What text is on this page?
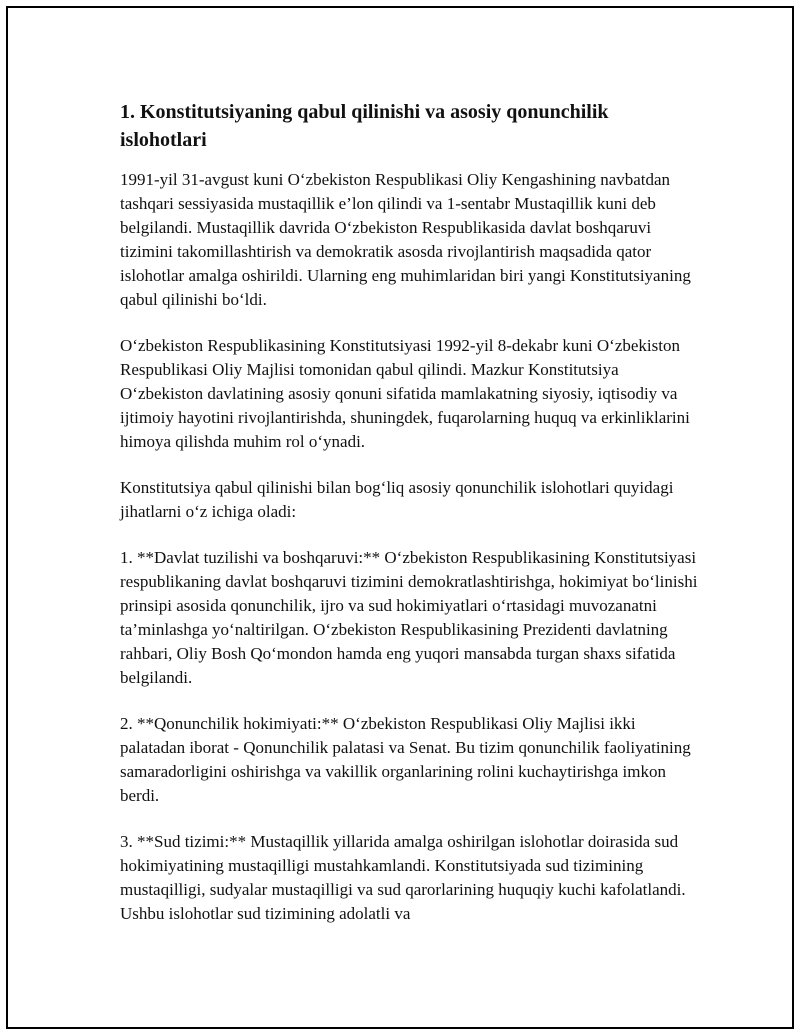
1. Konstitutsiyaning qabul qilinishi va asosiy qonunchilik islohotlari

1991-yil 31-avgust kuni O‘zbekiston Respublikasi Oliy Kengashining navbatdan tashqari sessiyasida mustaqillik e’lon qilindi va 1-sentabr Mustaqillik kuni deb belgilandi. Mustaqillik davrida O‘zbekiston Respublikasida davlat boshqaruvi tizimini takomillashtirish va demokratik asosda rivojlantirish maqsadida qator islohotlar amalga oshirildi. Ularning eng muhimlaridan biri yangi Konstitutsiyaning qabul qilinishi bo‘ldi.

O‘zbekiston Respublikasining Konstitutsiyasi 1992-yil 8-dekabr kuni O‘zbekiston Respublikasi Oliy Majlisi tomonidan qabul qilindi. Mazkur Konstitutsiya O‘zbekiston davlatining asosiy qonuni sifatida mamlakatning siyosiy, iqtisodiy va ijtimoiy hayotini rivojlantirishda, shuningdek, fuqarolarning huquq va erkinliklarini himoya qilishda muhim rol o‘ynadi.

Konstitutsiya qabul qilinishi bilan bog‘liq asosiy qonunchilik islohotlari quyidagi jihatlarni o‘z ichiga oladi:

1. **Davlat tuzilishi va boshqaruvi:** O‘zbekiston Respublikasining Konstitutsiyasi respublikaning davlat boshqaruvi tizimini demokratlashtirishga, hokimiyat bo‘linishi prinsipi asosida qonunchilik, ijro va sud hokimiyatlari o‘rtasidagi muvozanatni ta’minlashga yo‘naltirilgan. O‘zbekiston Respublikasining Prezidenti davlatning rahbari, Oliy Bosh Qo‘mondon hamda eng yuqori mansabda turgan shaxs sifatida belgilandi.

2. **Qonunchilik hokimiyati:** O‘zbekiston Respublikasi Oliy Majlisi ikki palatadan iborat - Qonunchilik palatasi va Senat. Bu tizim qonunchilik faoliyatining samaradorligini oshirishga va vakillik organlarining rolini kuchaytirishga imkon berdi.

3. **Sud tizimi:** Mustaqillik yillarida amalga oshirilgan islohotlar doirasida sud hokimiyatining mustaqilligi mustahkamlandi. Konstitutsiyada sud tizimining mustaqilligi, sudyalar mustaqilligi va sud qarorlarining huquqiy kuchi kafolatlandi. Ushbu islohotlar sud tizimining adolatli va
